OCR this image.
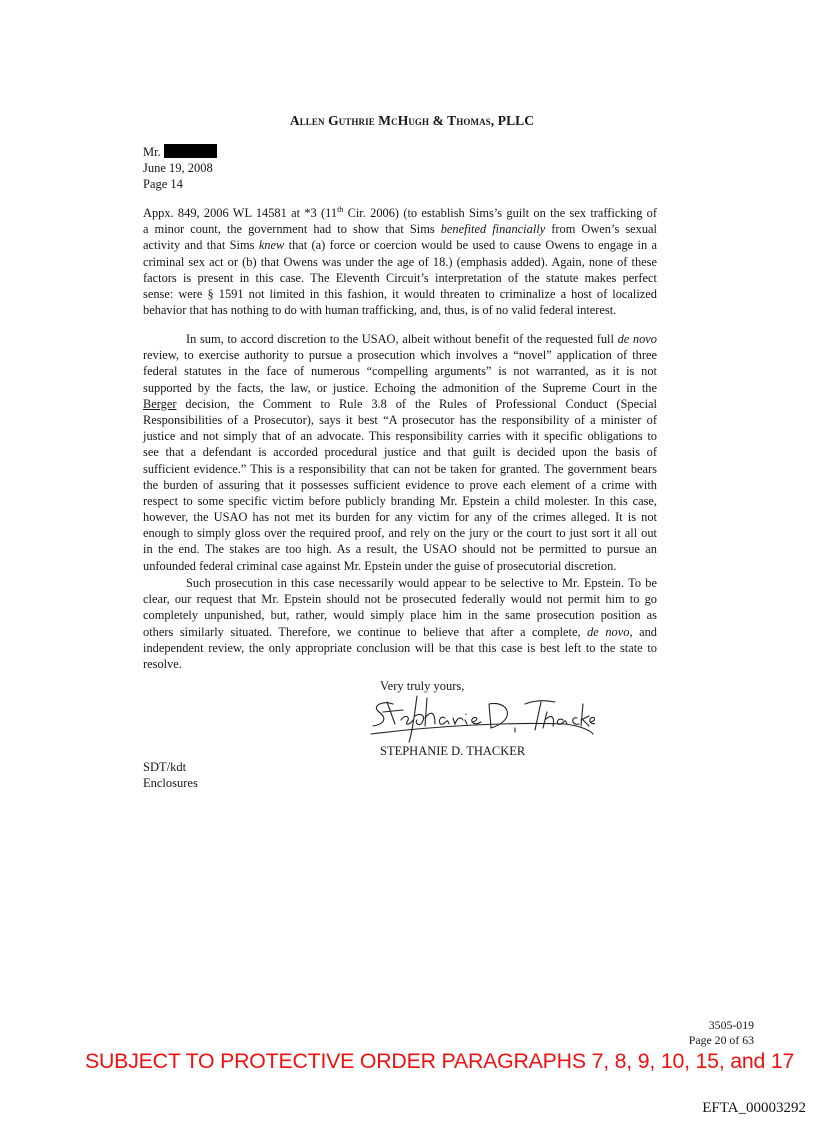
Allen Guthrie McHugh & Thomas, PLLC
Mr.
June 19, 2008
Page 14
Appx. 849, 2006 WL 14581 at *3 (11th Cir. 2006) (to establish Sims’s guilt on the sex trafficking of
a minor count, the government had to show that Sims benefited financially from Owen’s sexual
activity and that Sims knew that (a) force or coercion would be used to cause Owens to engage in a
criminal sex act or (b) that Owens was under the age of 18.) (emphasis added). Again, none of these
factors is present in this case. The Eleventh Circuit’s interpretation of the statute makes perfect
sense: were § 1591 not limited in this fashion, it would threaten to criminalize a host of localized
behavior that has nothing to do with human trafficking, and, thus, is of no valid federal interest.
In sum, to accord discretion to the USAO, albeit without benefit of the requested full de novo
review, to exercise authority to pursue a prosecution which involves a “novel” application of three
federal statutes in the face of numerous “compelling arguments” is not warranted, as it is not
supported by the facts, the law, or justice. Echoing the admonition of the Supreme Court in the
Berger decision, the Comment to Rule 3.8 of the Rules of Professional Conduct (Special
Responsibilities of a Prosecutor), says it best “A prosecutor has the responsibility of a minister of
justice and not simply that of an advocate. This responsibility carries with it specific obligations to
see that a defendant is accorded procedural justice and that guilt is decided upon the basis of
sufficient evidence.” This is a responsibility that can not be taken for granted. The government bears
the burden of assuring that it possesses sufficient evidence to prove each element of a crime with
respect to some specific victim before publicly branding Mr. Epstein a child molester. In this case,
however, the USAO has not met its burden for any victim for any of the crimes alleged. It is not
enough to simply gloss over the required proof, and rely on the jury or the court to just sort it all out
in the end. The stakes are too high. As a result, the USAO should not be permitted to pursue an
unfounded federal criminal case against Mr. Epstein under the guise of prosecutorial discretion.
Such prosecution in this case necessarily would appear to be selective to Mr. Epstein. To be
clear, our request that Mr. Epstein should not be prosecuted federally would not permit him to go
completely unpunished, but, rather, would simply place him in the same prosecution position as
others similarly situated. Therefore, we continue to believe that after a complete, de novo, and
independent review, the only appropriate conclusion will be that this case is best left to the state to
resolve.
Very truly yours,
STEPHANIE D. THACKER
SDT/kdt
Enclosures
3505-019
Page 20 of 63
SUBJECT TO PROTECTIVE ORDER PARAGRAPHS 7, 8, 9, 10, 15, and 17
EFTA_00003292
